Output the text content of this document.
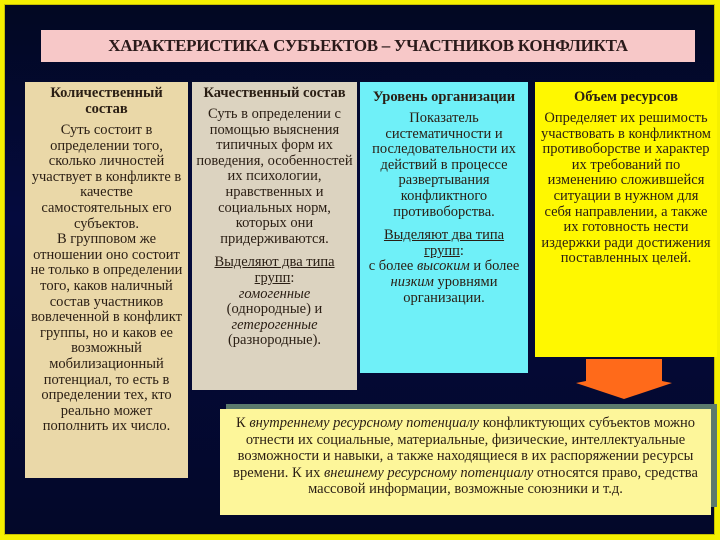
ХАРАКТЕРИСТИКА СУБЪЕКТОВ – УЧАСТНИКОВ КОНФЛИКТА
Количественный состав
Суть состоит в определении того, сколько личностей участвует в конфликте в качестве самостоятельных его субъектов.
В групповом же отношении оно состоит не только в определении того, каков наличный состав участников вовлеченной в конфликт группы, но и каков ее возможный мобилизационный потенциал, то есть в определении тех, кто реально может пополнить их число.
Качественный состав
Суть в определении с помощью выяснения типичных форм их поведения, особенностей их психологии, нравственных и социальных норм, которых они придерживаются.
Выделяют два типа групп:
гомогенные
(однородные) и
гетерогенные
(разнородные).
Уровень организации
Показатель систематичности и последовательности их действий в процессе развертывания конфликтного противоборства.
Выделяют два типа групп:
с более высоким и более низким уровнями организации.
Объем ресурсов
Определяет их решимость участвовать в конфликтном противоборстве и характер их требований по изменению сложившейся ситуации в нужном для себя направлении, а также их готовность нести издержки ради достижения поставленных целей.
К внутреннему ресурсному потенциалу конфликтующих субъектов можно отнести их социальные, материальные, физические, интеллектуальные возможности и навыки, а также находящиеся в их распоряжении ресурсы времени. К их внешнему ресурсному потенциалу относятся право, средства массовой информации, возможные союзники и т.д.
